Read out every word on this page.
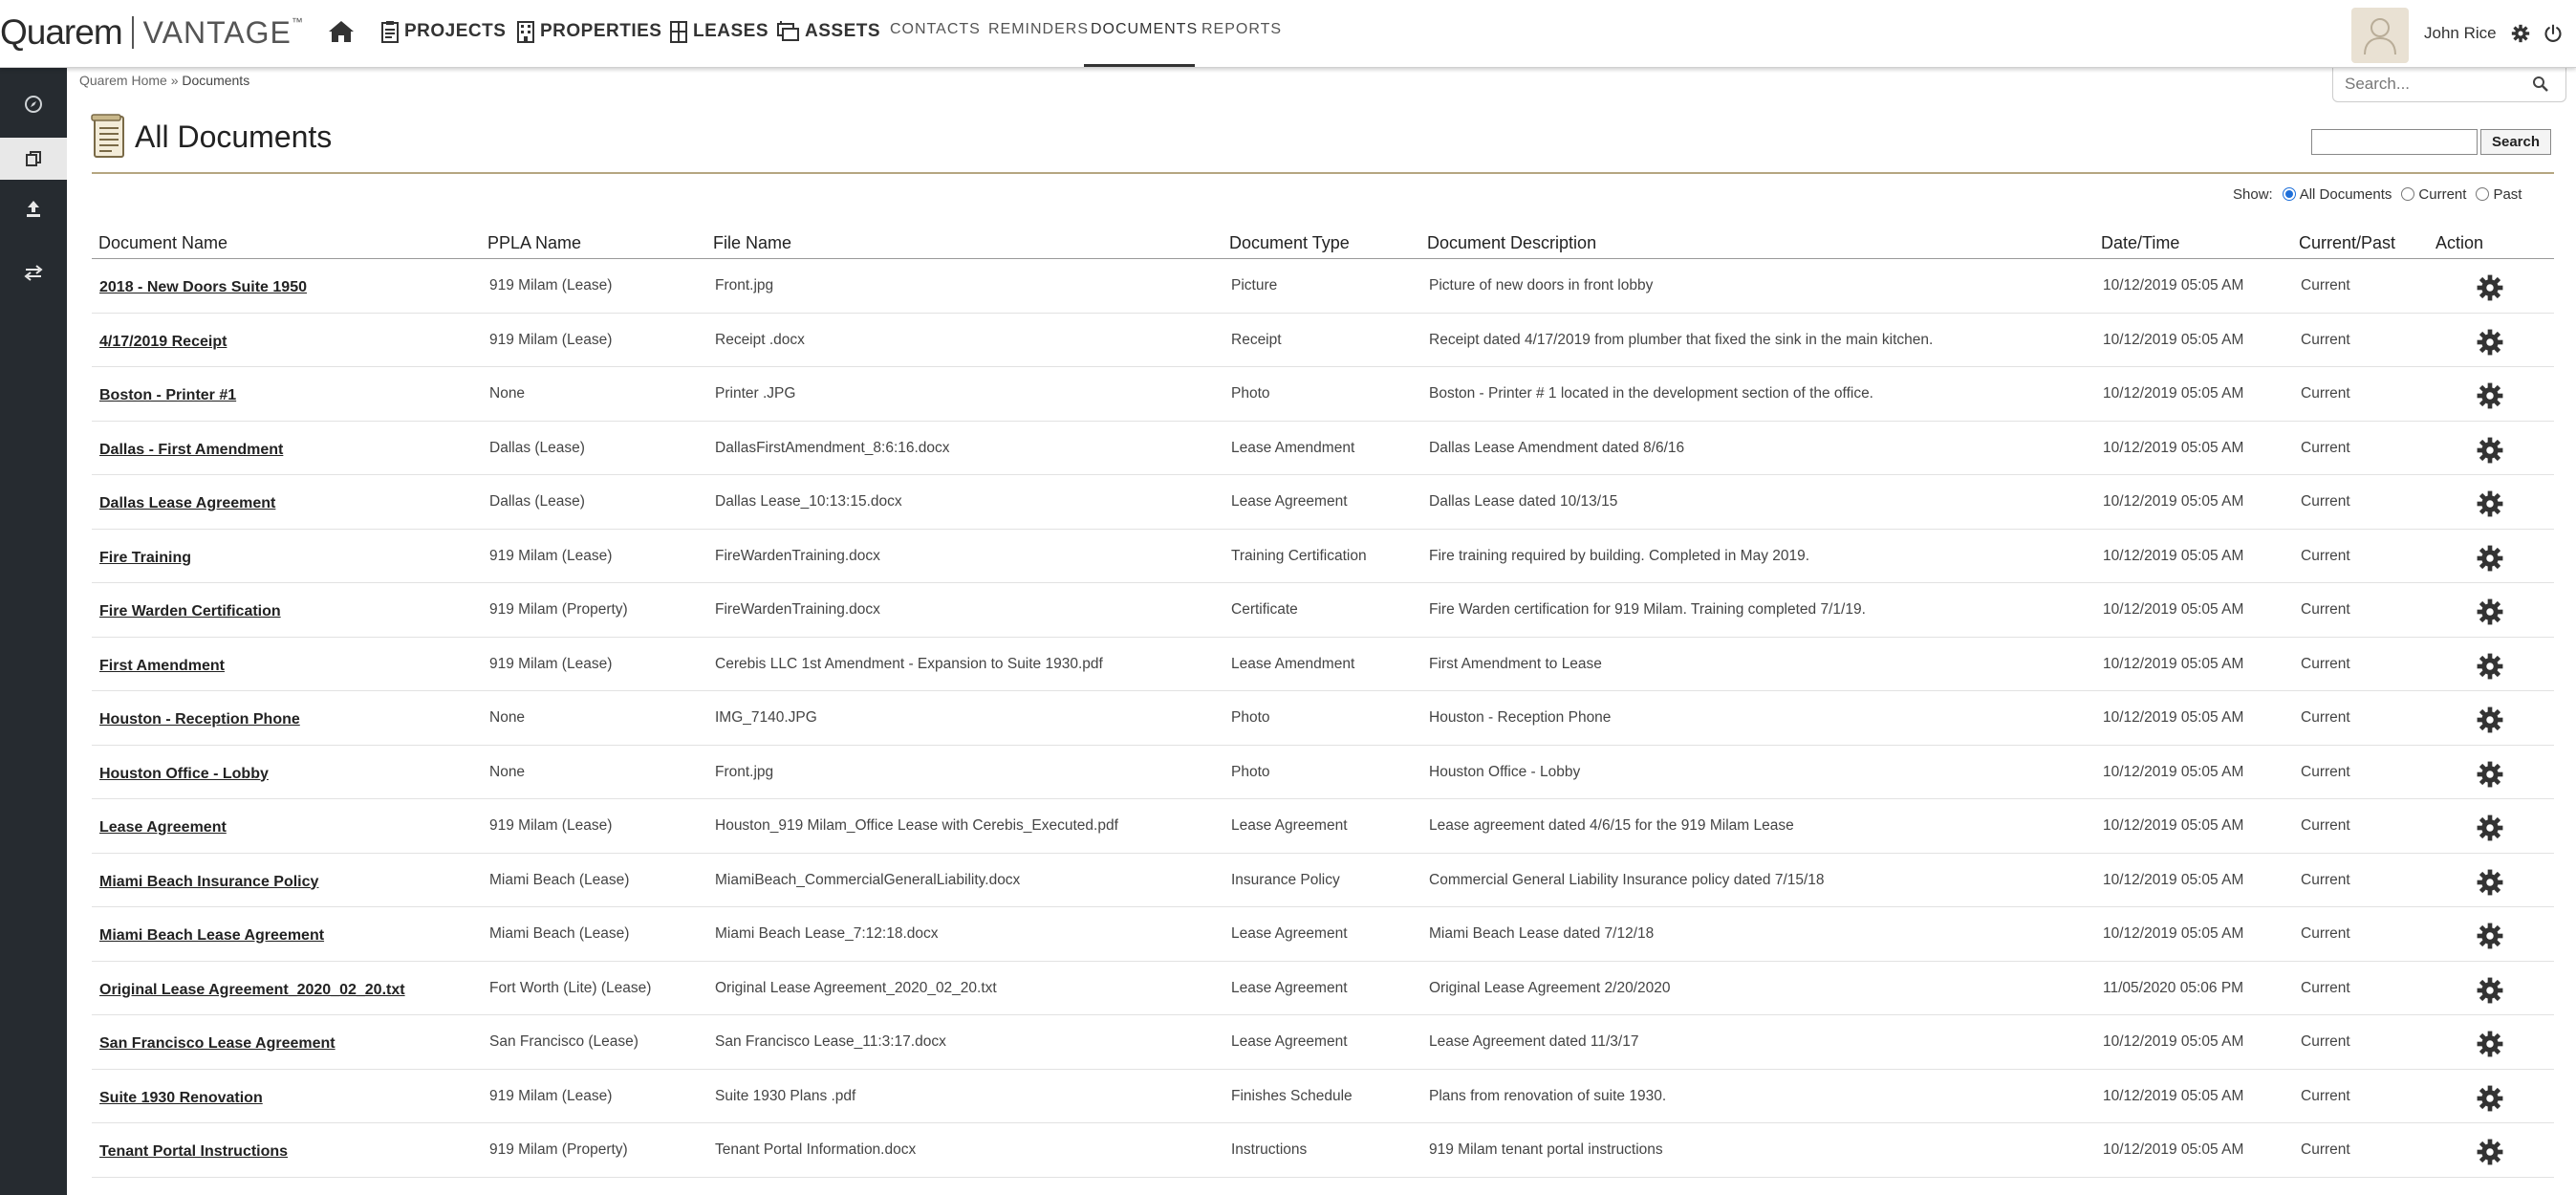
Quarem VANTAGE ™	PROJECTS PROPERTIES LEASES ASSETS CONTACTS REMINDERS DOCUMENTS REPORTS	John Rice
Quarem Home » Documents
Search...
All Documents	Search
Show: All Documents Current Past
Document Name	PPLA Name	File Name	Document Type	Document Description	Date/Time	Current/Past Action
2018 - New Doors Suite 1950	919 Milam (Lease)	Front.jpg	Picture	Picture of new doors in front lobby	10/12/2019 05:05 AM	Current
4/17/2019 Receipt	919 Milam (Lease)	Receipt .docx	Receipt	Receipt dated 4/17/2019 from plumber that fixed the sink in the main kitchen.	10/12/2019 05:05 AM	Current
Boston - Printer #1	None	Printer .JPG	Photo	Boston - Printer # 1 located in the development section of the office.	10/12/2019 05:05 AM	Current
Dallas - First Amendment	Dallas (Lease)	DallasFirstAmendment_8:6:16.docx	Lease Amendment	Dallas Lease Amendment dated 8/6/16	10/12/2019 05:05 AM	Current
Dallas Lease Agreement	Dallas (Lease)	Dallas Lease_10:13:15.docx	Lease Agreement	Dallas Lease dated 10/13/15	10/12/2019 05:05 AM	Current
Fire Training	919 Milam (Lease)	FireWardenTraining.docx	Training Certification	Fire training required by building. Completed in May 2019.	10/12/2019 05:05 AM	Current
Fire Warden Certification	919 Milam (Property)	FireWardenTraining.docx	Certificate	Fire Warden certification for 919 Milam. Training completed 7/1/19.	10/12/2019 05:05 AM	Current
First Amendment	919 Milam (Lease)	Cerebis LLC 1st Amendment - Expansion to Suite 1930.pdf	Lease Amendment	First Amendment to Lease	10/12/2019 05:05 AM	Current
Houston - Reception Phone	None	IMG_7140.JPG	Photo	Houston - Reception Phone	10/12/2019 05:05 AM	Current
Houston Office - Lobby	None	Front.jpg	Photo	Houston Office - Lobby	10/12/2019 05:05 AM	Current
Lease Agreement	919 Milam (Lease)	Houston_919 Milam_Office Lease with Cerebis_Executed.pdf	Lease Agreement	Lease agreement dated 4/6/15 for the 919 Milam Lease	10/12/2019 05:05 AM	Current
Miami Beach Insurance Policy	Miami Beach (Lease)	MiamiBeach_CommercialGeneralLiability.docx	Insurance Policy	Commercial General Liability Insurance policy dated 7/15/18	10/12/2019 05:05 AM	Current
Miami Beach Lease Agreement	Miami Beach (Lease)	Miami Beach Lease_7:12:18.docx	Lease Agreement	Miami Beach Lease dated 7/12/18	10/12/2019 05:05 AM	Current
Original Lease Agreement_2020_02_20.txt	Fort Worth (Lite) (Lease)	Original Lease Agreement_2020_02_20.txt	Lease Agreement	Original Lease Agreement 2/20/2020	11/05/2020 05:06 PM	Current
San Francisco Lease Agreement	San Francisco (Lease)	San Francisco Lease_11:3:17.docx	Lease Agreement	Lease Agreement dated 11/3/17	10/12/2019 05:05 AM	Current
Suite 1930 Renovation	919 Milam (Lease)	Suite 1930 Plans .pdf	Finishes Schedule	Plans from renovation of suite 1930.	10/12/2019 05:05 AM	Current
Tenant Portal Instructions	919 Milam (Property)	Tenant Portal Information.docx	Instructions	919 Milam tenant portal instructions	10/12/2019 05:05 AM	Current
